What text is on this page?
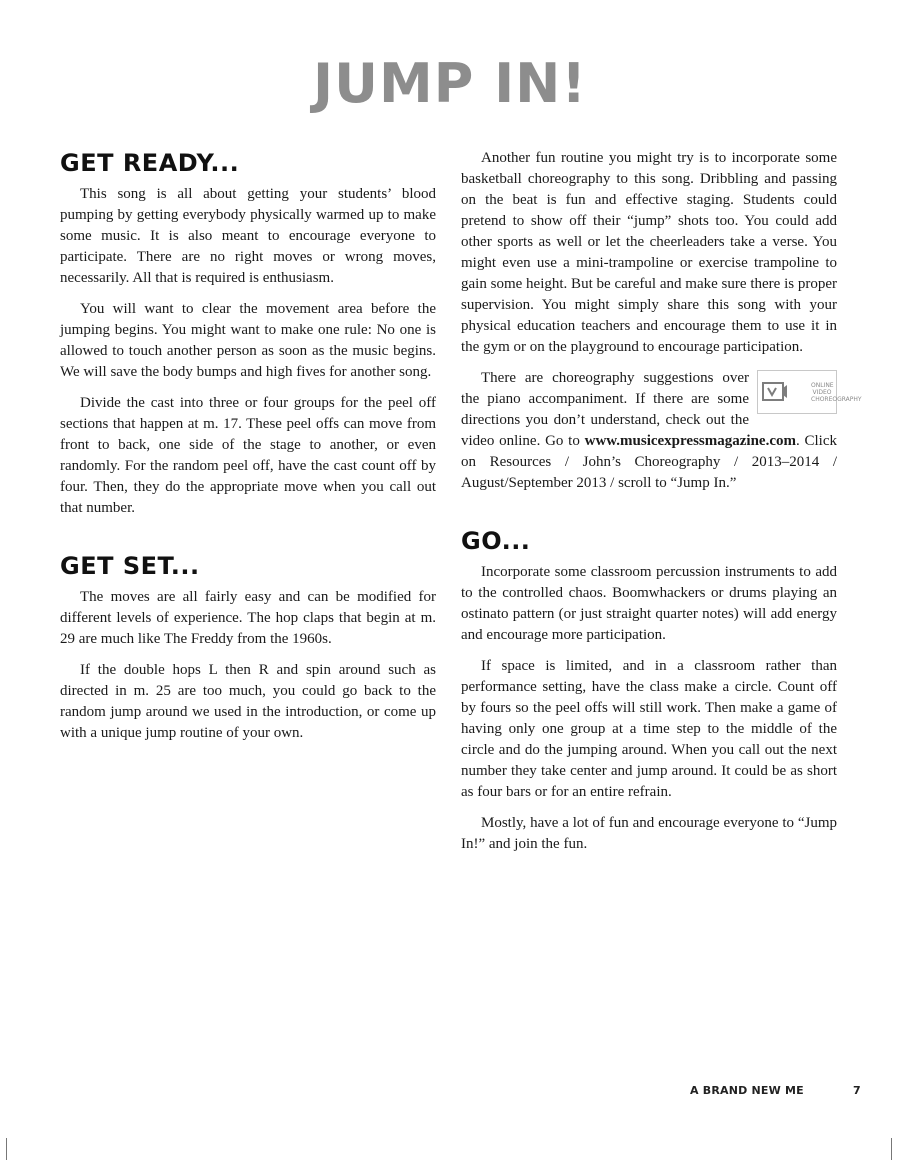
JUMP IN!
GET READY...

This song is all about getting your students’ blood pumping by getting everybody physically warmed up to make some music. It is also meant to encourage everyone to participate. There are no right moves or wrong moves, necessarily. All that is required is enthusiasm.

You will want to clear the movement area before the jumping begins. You might want to make one rule: No one is allowed to touch another person as soon as the music begins. We will save the body bumps and high fives for another song.

Divide the cast into three or four groups for the peel off sections that happen at m. 17. These peel offs can move from front to back, one side of the stage to another, or even randomly. For the random peel off, have the cast count off by four. Then, they do the appropriate move when you call out that number.

GET SET...

The moves are all fairly easy and can be modified for different levels of experience. The hop claps that begin at m. 29 are much like The Freddy from the 1960s.

If the double hops L then R and spin around such as directed in m. 25 are too much, you could go back to the random jump around we used in the introduction, or come up with a unique jump routine of your own.

Another fun routine you might try is to incorporate some basketball choreography to this song. Dribbling and passing on the beat is fun and effective staging. Students could pretend to show off their “jump” shots too. You could add other sports as well or let the cheerleaders take a verse. You might even use a mini-trampoline or exercise trampoline to gain some height. But be careful and make sure there is proper supervision. You might simply share this song with your physical education teachers and encourage them to use it in the gym or on the playground to encourage participation.

ONLINE
VIDEO
CHOREOGRAPHY
There are choreography suggestions over the piano accompaniment. If there are some directions you don’t understand, check out the video online. Go to www.musicexpressmagazine.com. Click on Resources / John’s Choreography / 2013–2014 / August/September 2013 / scroll to “Jump In.”

GO...

Incorporate some classroom percussion instruments to add to the controlled chaos. Boomwhackers or drums playing an ostinato pattern (or just straight quarter notes) will add energy and encourage more participation.

If space is limited, and in a classroom rather than performance setting, have the class make a circle. Count off by fours so the peel offs will still work. Then make a game of having only one group at a time step to the middle of the circle and do the jumping around. When you call out the next number they take center and jump around. It could be as short as four bars or for an entire refrain.

Mostly, have a lot of fun and encourage everyone to “Jump In!” and join the fun.

A BRAND NEW ME	7
